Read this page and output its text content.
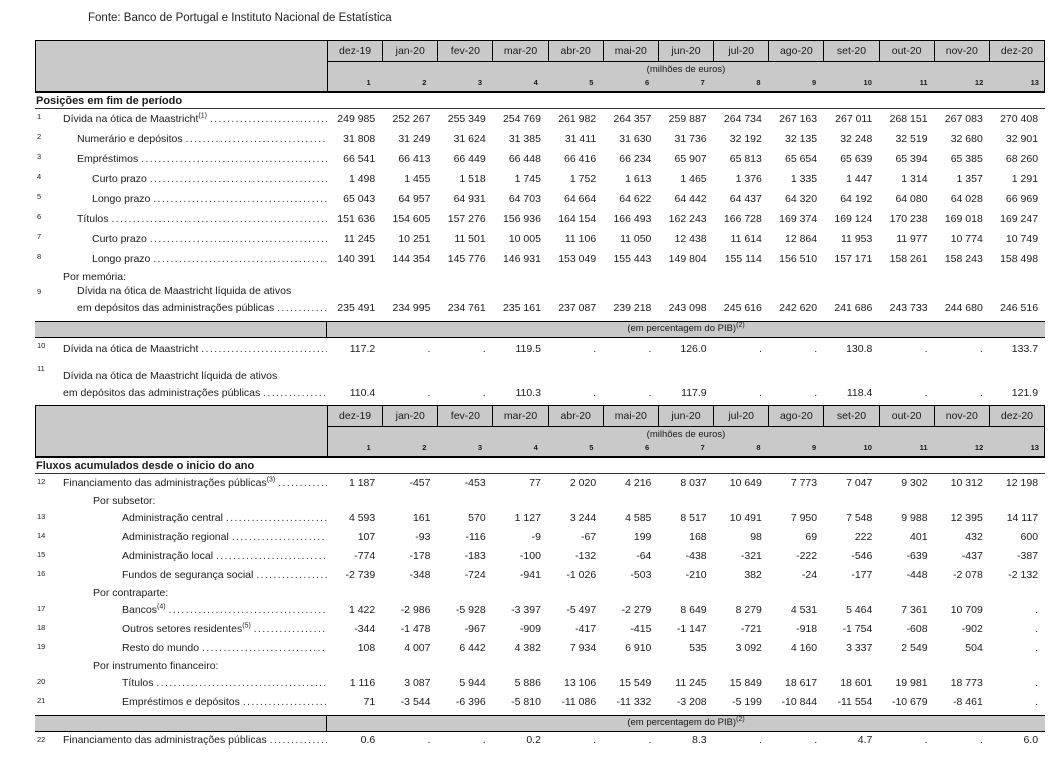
Fonte: Banco de Portugal e Instituto Nacional de Estatística
dez-19	jan-20	fev-20	mar-20	abr-20	mai-20	jun-20	jul-20	ago-20	set-20	out-20	nov-20	dez-20
(milhões de euros)
1	2	3	4	5	6	7	8	9	10	11	12	13
Posições em fim de período
1	Dívida na ótica de Maastricht$^{(1)}$ .....	249 985	252 267	255 349	254 769	261 982	264 357	259 887	264 734	267 163	267 011	268 151	267 083	270 408
2	Numerário e depósitos .....	31 808	31 249	31 624	31 385	31 411	31 630	31 736	32 192	32 135	32 248	32 519	32 680	32 901
3	Empréstimos .....	66 541	66 413	66 449	66 448	66 416	66 234	65 907	65 813	65 654	65 639	65 394	65 385	68 260
4	Curto prazo .....	1 498	1 455	1 518	1 745	1 752	1 613	1 465	1 376	1 335	1 447	1 314	1 357	1 291
5	Longo prazo .....	65 043	64 957	64 931	64 703	64 664	64 622	64 442	64 437	64 320	64 192	64 080	64 028	66 969
6	Títulos .....	151 636	154 605	157 276	156 936	164 154	166 493	162 243	166 728	169 374	169 124	170 238	169 018	169 247
7	Curto prazo .....	11 245	10 251	11 501	10 005	11 106	11 050	12 438	11 614	12 864	11 953	11 977	10 774	10 749
8	Longo prazo .....	140 391	144 354	145 776	146 931	153 049	155 443	149 804	155 114	156 510	157 171	158 261	158 243	158 498
Por memória:
9	Dívida na ótica de Maastricht líquida de ativos
em depósitos das administrações públicas .....	235 491	234 995	234 761	235 161	237 087	239 218	243 098	245 616	242 620	241 686	243 733	244 680	246 516
(em percentagem do PIB)$^{(2)}$
10	Dívida na ótica de Maastricht .....	117.2	.	.	119.5	.	.	126.0	.	.	130.8	.	.	133.7
11
Dívida na ótica de Maastricht líquida de ativos
em depósitos das administrações públicas .....	110.4	.	.	110.3	.	.	117.9	.	.	118.4	.	.	121.9
dez-19	jan-20	fev-20	mar-20	abr-20	mai-20	jun-20	jul-20	ago-20	set-20	out-20	nov-20	dez-20
(milhões de euros)
1	2	3	4	5	6	7	8	9	10	11	12	13
Fluxos acumulados desde o inicio do ano
12	Financiamento das administrações públicas$^{(3)}$ .....	1 187	-457	-453	77	2 020	4 216	8 037	10 649	7 773	7 047	9 302	10 312	12 198
Por subsetor:
13	Administração central .....	4 593	161	570	1 127	3 244	4 585	8 517	10 491	7 950	7 548	9 988	12 395	14 117
14	Administração regional .....	107	-93	-116	-9	-67	199	168	98	69	222	401	432	600
15	Administração local .....	-774	-178	-183	-100	-132	-64	-438	-321	-222	-546	-639	-437	-387
16	Fundos de segurança social .....	-2 739	-348	-724	-941	-1 026	-503	-210	382	-24	-177	-448	-2 078	-2 132
Por contraparte:
17	Bancos$^{(4)}$ .....	1 422	-2 986	-5 928	-3 397	-5 497	-2 279	8 649	8 279	4 531	5 464	7 361	10 709	.
18	Outros setores residentes$^{(5)}$ .....	-344	-1 478	-967	-909	-417	-415	-1 147	-721	-918	-1 754	-608	-902	.
19	Resto do mundo .....	108	4 007	6 442	4 382	7 934	6 910	535	3 092	4 160	3 337	2 549	504	.
Por instrumento financeiro:
20	Títulos .....	1 116	3 087	5 944	5 886	13 106	15 549	11 245	15 849	18 617	18 601	19 981	18 773	.
21	Empréstimos e depósitos .....	71	-3 544	-6 396	-5 810	-11 086	-11 332	-3 208	-5 199	-10 844	-11 554	-10 679	-8 461	.
(em percentagem do PIB)$^{(2)}$
22	Financiamento das administrações públicas .....	0.6	.	.	0.2	.	.	8.3	.	.	4.7	.	.	6.0
